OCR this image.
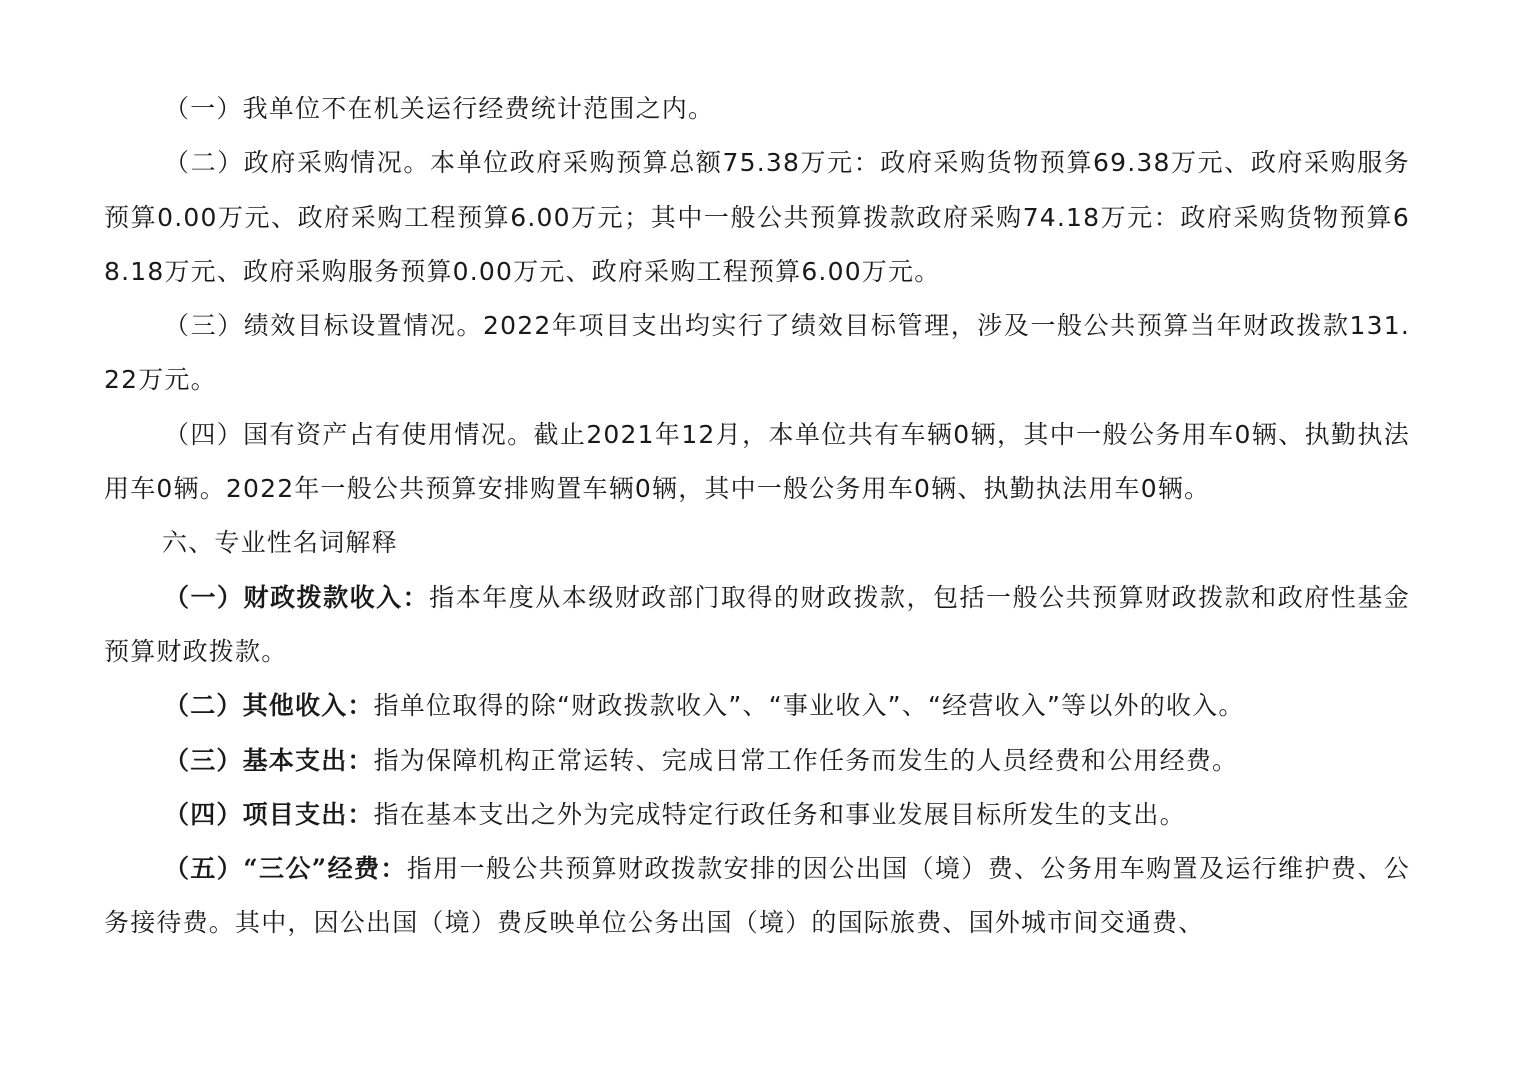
（一）我单位不在机关运行经费统计范围之内。

（二）政府采购情况。本单位政府采购预算总额75.38万元：政府采购货物预算69.38万元、政府采购服务预算0.00万元、政府采购工程预算6.00万元；其中一般公共预算拨款政府采购74.18万元：政府采购货物预算68.18万元、政府采购服务预算0.00万元、政府采购工程预算6.00万元。

（三）绩效目标设置情况。2022年项目支出均实行了绩效目标管理，涉及一般公共预算当年财政拨款131.22万元。

（四）国有资产占有使用情况。截止2021年12月，本单位共有车辆0辆，其中一般公务用车0辆、执勤执法用车0辆。2022年一般公共预算安排购置车辆0辆，其中一般公务用车0辆、执勤执法用车0辆。

六、专业性名词解释

（一）财政拨款收入：指本年度从本级财政部门取得的财政拨款，包括一般公共预算财政拨款和政府性基金预算财政拨款。

（二）其他收入：指单位取得的除“财政拨款收入”、“事业收入”、“经营收入”等以外的收入。

（三）基本支出：指为保障机构正常运转、完成日常工作任务而发生的人员经费和公用经费。

（四）项目支出：指在基本支出之外为完成特定行政任务和事业发展目标所发生的支出。

（五）“三公”经费：指用一般公共预算财政拨款安排的因公出国（境）费、公务用车购置及运行维护费、公务接待费。其中，因公出国（境）费反映单位公务出国（境）的国际旅费、国外城市间交通费、
